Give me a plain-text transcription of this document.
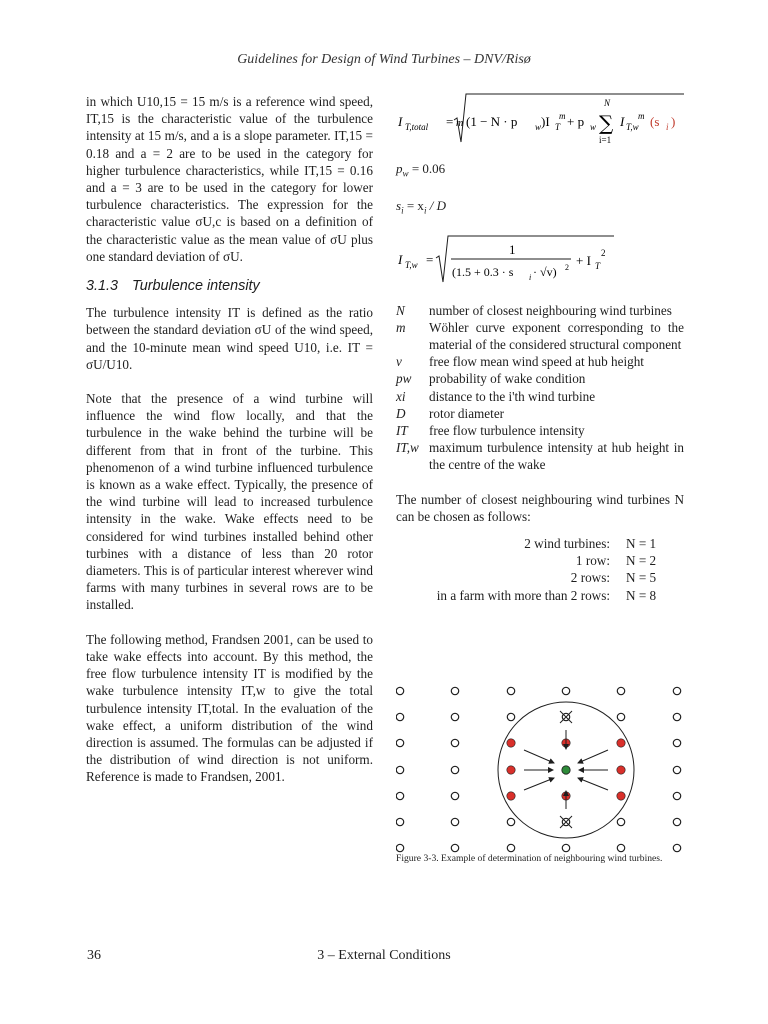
Guidelines for Design of Wind Turbines – DNV/Risø

in which U10,15 = 15 m/s is a reference wind speed, IT,15 is the characteristic value of the turbulence intensity at 15 m/s, and a is a slope parameter. IT,15 = 0.18 and a = 2 are to be used in the category for higher turbulence characteristics, while IT,15 = 0.16 and a = 3 are to be used in the category for lower turbulence characteristics. The expression for the characteristic value σU,c is based on a definition of the characteristic value as the mean value of σU plus one standard deviation of σU.

3.1.3 Turbulence intensity

The turbulence intensity IT is defined as the ratio between the standard deviation σU of the wind speed, and the 10-minute mean wind speed U10, i.e. IT = σU/U10.

Note that the presence of a wind turbine will influence the wind flow locally, and that the turbulence in the wake behind the turbine will be different from that in front of the turbine. This phenomenon of a wind turbine influenced turbulence is known as a wake effect. Typically, the presence of the wind turbine will lead to increased turbulence intensity in the wake. Wake effects need to be considered for wind turbines installed behind other turbines with a distance of less than 20 rotor diameters. This is of particular interest wherever wind farms with many turbines in several rows are to be installed.

The following method, Frandsen 2001, can be used to take wake effects into account. By this method, the free flow turbulence intensity IT is modified by the wake turbulence intensity IT,w to give the total turbulence intensity IT,total. In the evaluation of the wake effect, a uniform distribution of the wind direction is assumed. The formulas can be adjusted if the distribution of wind direction is not uniform. Reference is made to Frandsen, 2001.

I T,total = m (1 − N · p w )I T
m + p w
N
∑
i=1
I T,w
m (s i )
$p_w = 0.06$
$s_i = x_i / D$
I T,w =
1
(1.5 + 0.3 · s i · √v) 2 + I T
2
N	number of closest neighbouring wind turbines
m	Wöhler curve exponent corresponding to the material of the considered structural component
v	free flow mean wind speed at hub height
pw	probability of wake condition
xi	distance to the i'th wind turbine
D	rotor diameter
IT	free flow turbulence intensity
IT,w maximum turbulence intensity at hub height in the centre of the wake

The number of closest neighbouring wind turbines N can be chosen as follows:

2 wind turbines:	N = 1
1 row:	N = 2
2 rows:	N = 5
in a farm with more than 2 rows:	N = 8
Figure 3-3. Example of determination of neighbouring wind turbines.
36	3 – External Conditions
